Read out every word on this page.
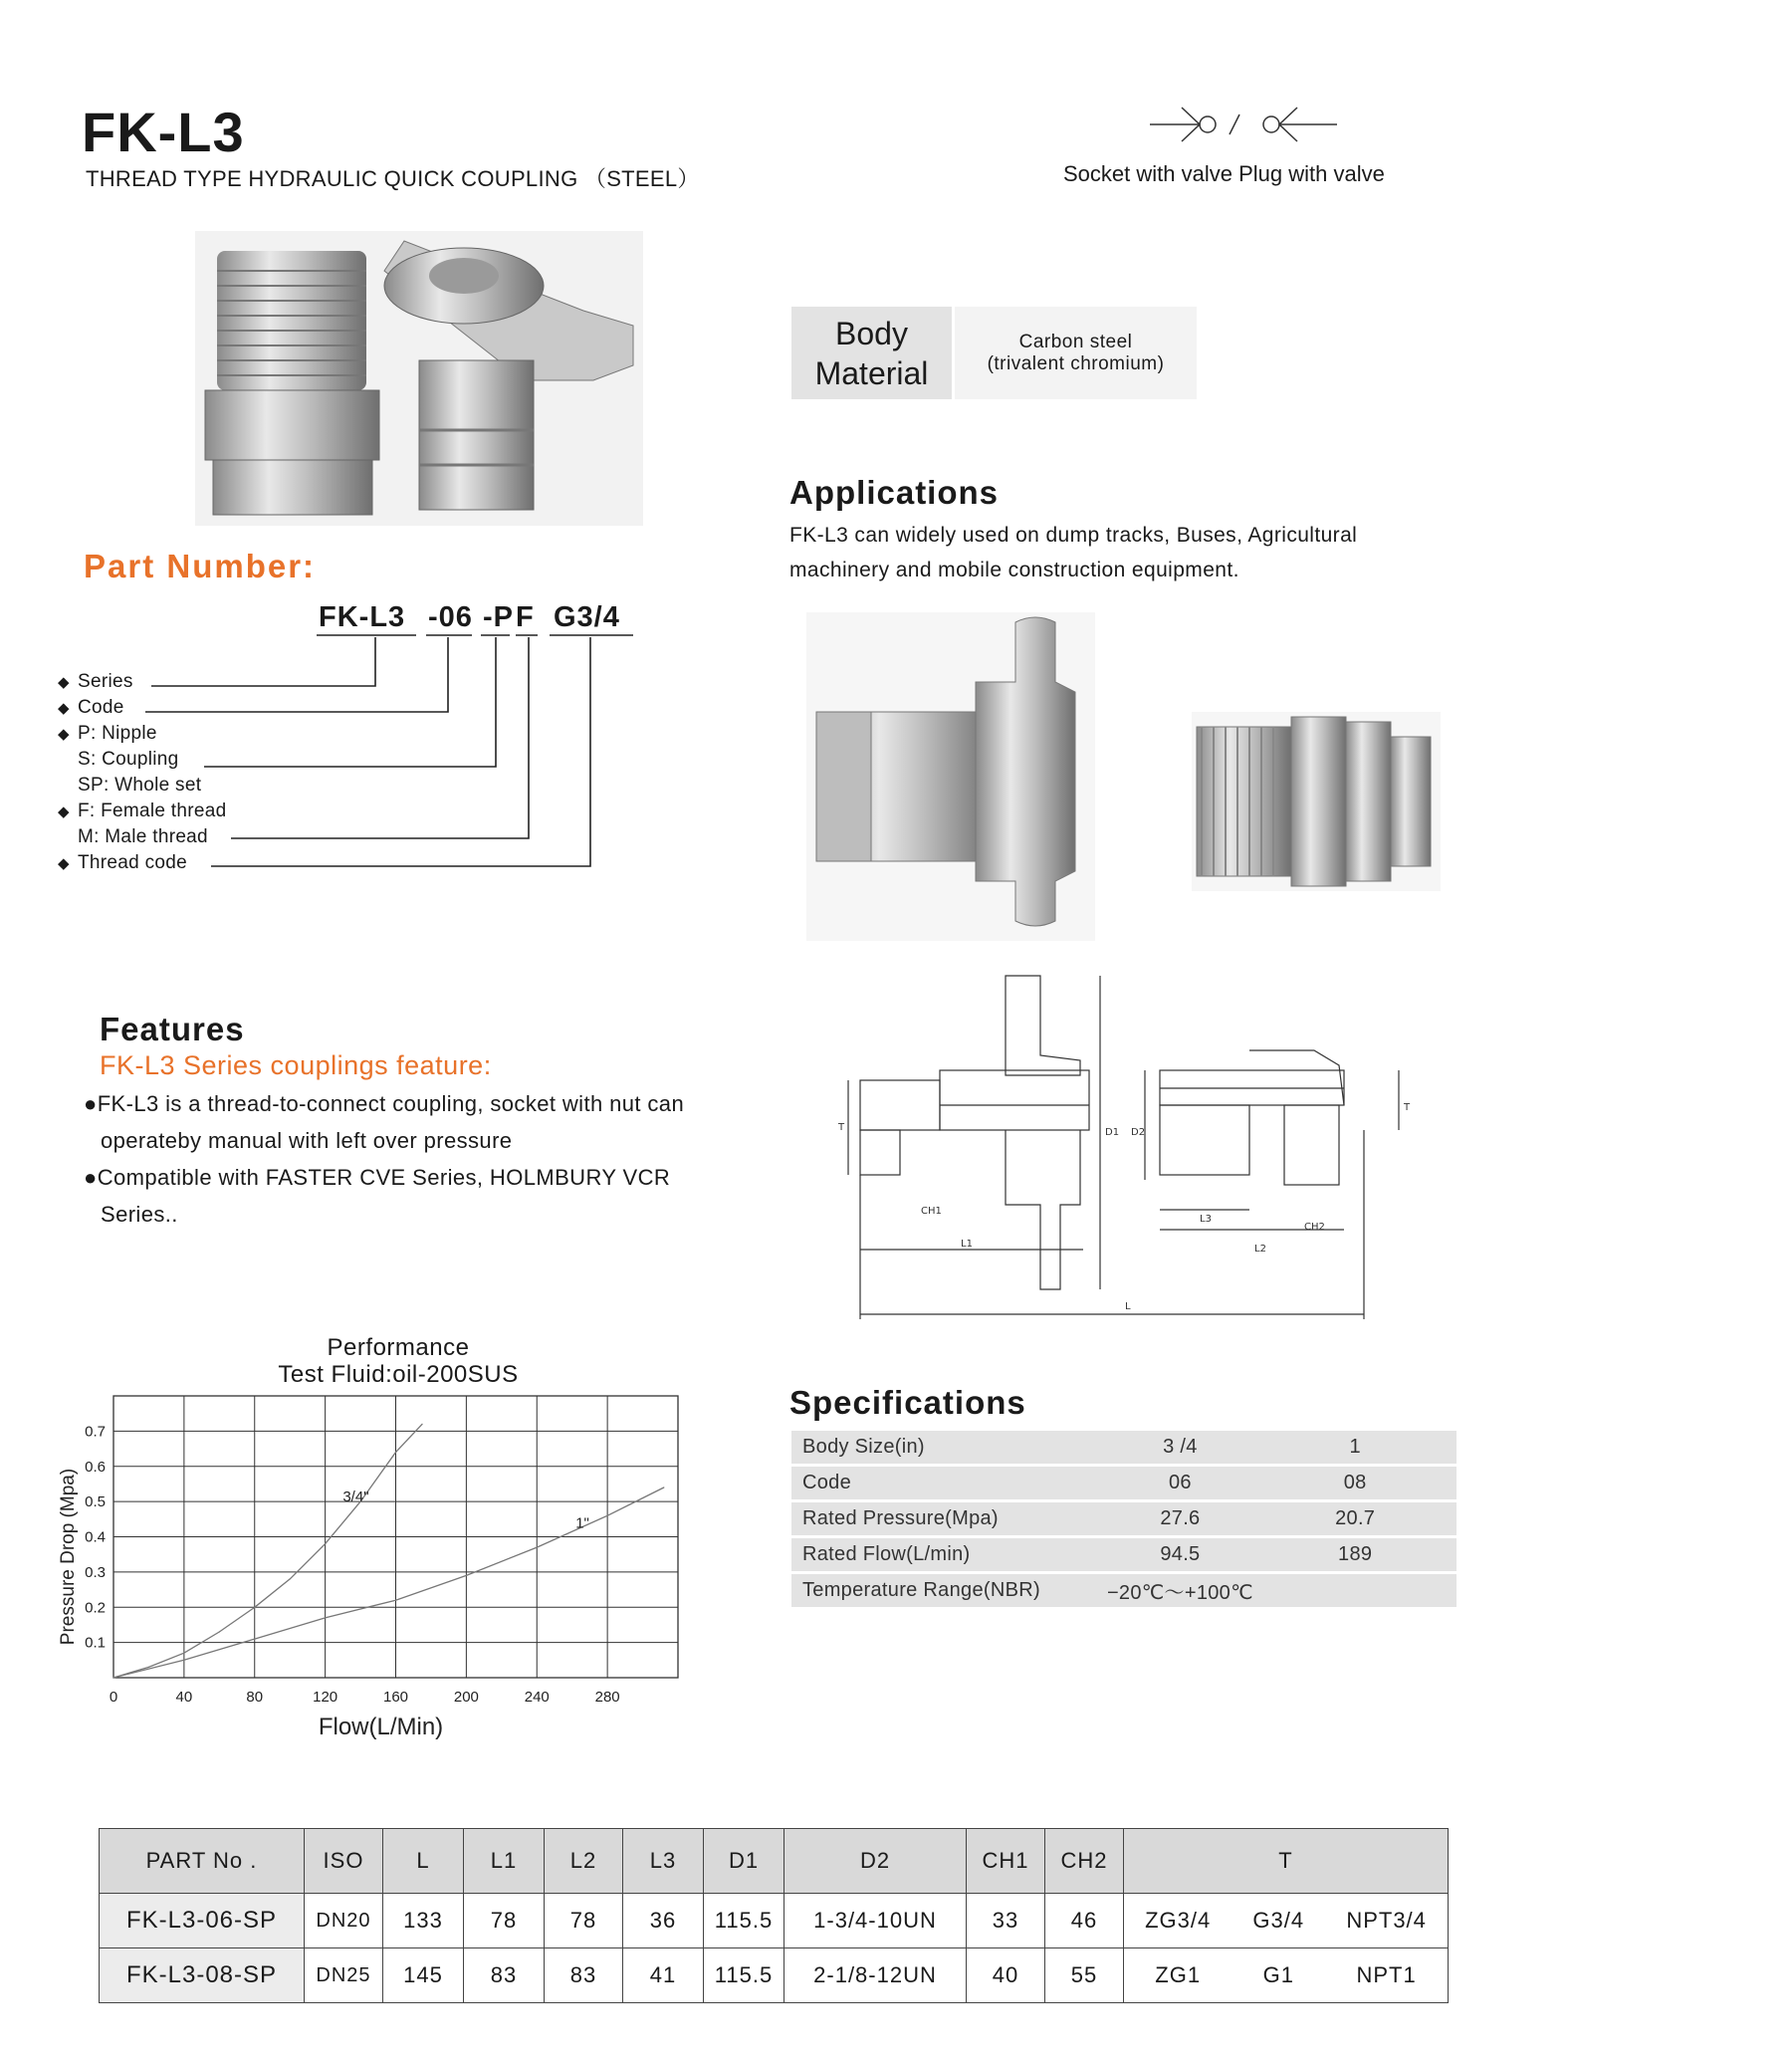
FK-L3
THREAD TYPE HYDRAULIC QUICK COUPLING （STEEL）	Socket with valve Plug with valve
Body
Material
Carbon steel
(trivalent chromium)
Applications
FK-L3 can widely used on dump tracks, Buses, Agricultural
machinery and mobile construction equipment.
T	D1 D2
T
CH1
CH2
L1	L2
L3
L
Part Number:
FK-L3 -06 -P F G3/4
◆ Series
◆ Code
◆ P: Nipple
S: Coupling
SP: Whole set
◆ F: Female thread
M: Male thread
◆ Thread code
Features
FK-L3 Series couplings feature:
●FK-L3 is a thread-to-connect coupling, socket with nut can
operateby manual with left over pressure
●Compatible with FASTER CVE Series, HOLMBURY VCR
Series..
Performance
Test Fluid:oil-200SUS
0.1
0.2
0.3
0.4
0.5
0.6
0.7
0	40	80	120	160	200	240	280
Flow(L/Min)
Pressure Drop (Mpa)	3/4"
1"
Specifications
Body Size(in)	3 /4	1
Code	06	08
Rated Pressure(Mpa)	27.6	20.7
Rated Flow(L/min)	94.5	189
Temperature Range(NBR)	−20℃～+100℃	
PART No .	ISO	L	L1	L2	L3	D1	D2	CH1	CH2	T
FK-L3-06-SP	DN20	133	78	78	36	115.5	1-3/4-10UN	33	46	ZG3/4 G3/4 NPT3/4

FK-L3-08-SP	DN25	145	83	83	41	115.5	2-1/8-12UN	40	55	ZG1 G1 NPT1
